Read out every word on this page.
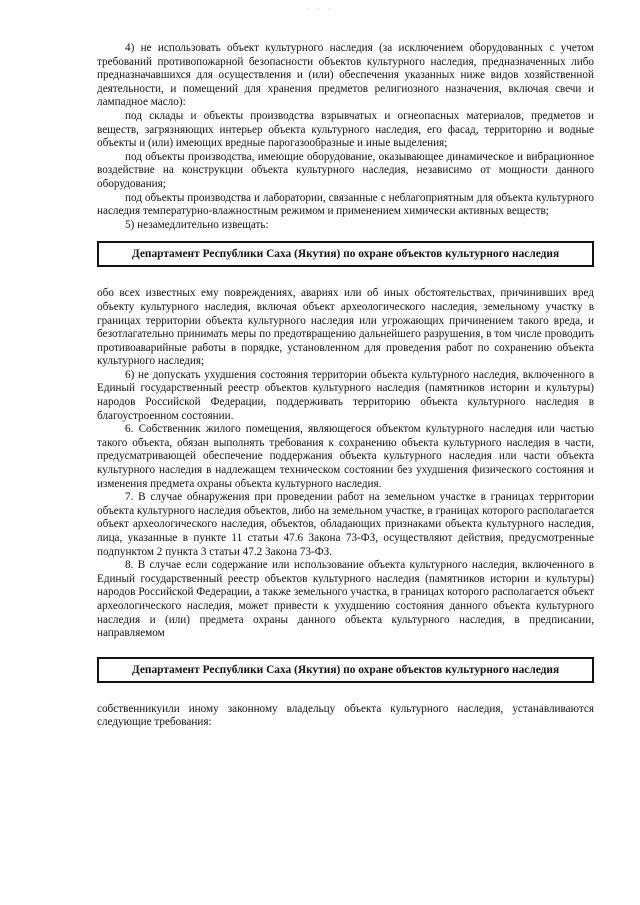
· · ·

4) не использовать объект культурного наследия (за исключением оборудованных с учетом требований противопожарной безопасности объектов культурного наследия, предназначенных либо предназначавшихся для осуществления и (или) обеспечения указанных ниже видов хозяйственной деятельности, и помещений для хранения предметов религиозного назначения, включая свечи и лампадное масло):

под склады и объекты производства взрывчатых и огнеопасных материалов, предметов и веществ, загрязняющих интерьер объекта культурного наследия, его фасад, территорию и водные объекты и (или) имеющих вредные парогазообразные и иные выделения;

под объекты производства, имеющие оборудование, оказывающее динамическое и вибрационное воздействие на конструкции объекта культурного наследия, независимо от мощности данного оборудования;

под объекты производства и лаборатории, связанные с неблагоприятным для объекта культурного наследия температурно-влажностным режимом и применением химически активных веществ;

5) незамедлительно извещать:

Департамент Республики Саха (Якутия) по охране объектов культурного наследия

обо всех известных ему повреждениях, авариях или об иных обстоятельствах, причинивших вред объекту культурного наследия, включая объект археологического наследия, земельному участку в границах территории объекта культурного наследия или угрожающих причинением такого вреда, и безотлагательно принимать меры по предотвращению дальнейшего разрушения, в том числе проводить противоаварийные работы в порядке, установленном для проведения работ по сохранению объекта культурного наследия;

6) не допускать ухудшения состояния территории объекта культурного наследия, включенного в Единый государственный реестр объектов культурного наследия (памятников истории и культуры) народов Российской Федерации, поддерживать территорию объекта культурного наследия в благоустроенном состоянии.

6. Собственник жилого помещения, являющегося объектом культурного наследия или частью такого объекта, обязан выполнять требования к сохранению объекта культурного наследия в части, предусматривающей обеспечение поддержания объекта культурного наследия или части объекта культурного наследия в надлежащем техническом состоянии без ухудшения физического состояния и изменения предмета охраны объекта культурного наследия.

7. В случае обнаружения при проведении работ на земельном участке в границах территории объекта культурного наследия объектов, либо на земельном участке, в границах которого располагается объект археологического наследия, объектов, обладающих признаками объекта культурного наследия, лица, указанные в пункте 11 статьи 47.6 Закона 73-ФЗ, осуществляют действия, предусмотренные подпунктом 2 пункта 3 статьи 47.2 Закона 73-ФЗ.

8. В случае если содержание или использование объекта культурного наследия, включенного в Единый государственный реестр объектов культурного наследия (памятников истории и культуры) народов Российской Федерации, а также земельного участка, в границах которого располагается объект археологического наследия, может привести к ухудшению состояния данного объекта культурного наследия и (или) предмета охраны данного объекта культурного наследия, в предписании, направляемом

Департамент Республики Саха (Якутия) по охране объектов культурного наследия

собственникуили иному законному владельцу объекта культурного наследия, устанавливаются следующие требования:
